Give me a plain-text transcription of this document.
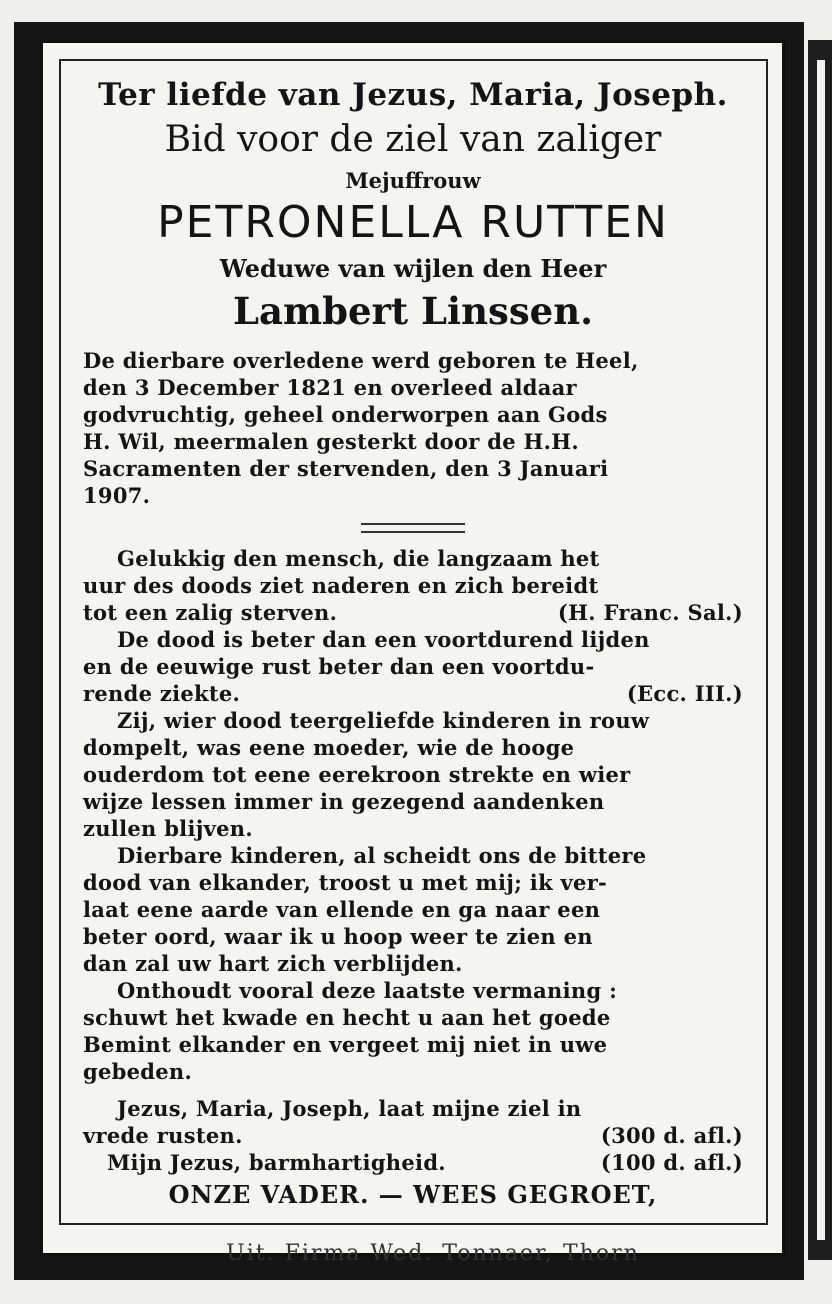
Ter liefde van Jezus, Maria, Joseph.
Bid voor de ziel van zaliger
Mejuffrouw
PETRONELLA RUTTEN
Weduwe van wijlen den Heer
Lambert Linssen.

De dierbare overledene werd geboren te Heel,
den 3 December 1821 en overleed aldaar
godvruchtig, geheel onderworpen aan Gods
H. Wil, meermalen gesterkt door de H.H.
Sacramenten der stervenden, den 3 Januari
1907.

Gelukkig den mensch, die langzaam het
uur des doods ziet naderen en zich bereidt
tot een zalig sterven.	(H. Franc. Sal.)

De dood is beter dan een voortdurend lijden
en de eeuwige rust beter dan een voortdu-
rende ziekte.	(Ecc. III.)

Zij, wier dood teergeliefde kinderen in rouw
dompelt, was eene moeder, wie de hooge
ouderdom tot eene eerekroon strekte en wier
wijze lessen immer in gezegend aandenken
zullen blijven.

Dierbare kinderen, al scheidt ons de bittere
dood van elkander, troost u met mij; ik ver-
laat eene aarde van ellende en ga naar een
beter oord, waar ik u hoop weer te zien en
dan zal uw hart zich verblijden.

Onthoudt vooral deze laatste vermaning :
schuwt het kwade en hecht u aan het goede
Bemint elkander en vergeet mij niet in uwe
gebeden.

Jezus, Maria, Joseph, laat mijne ziel in
vrede rusten.	(300 d. afl.)
Mijn Jezus, barmhartigheid.	(100 d. afl.)

ONZE VADER. — WEES GEGROET,
Uit. Firma Wed. Tonnaer, Thorn
